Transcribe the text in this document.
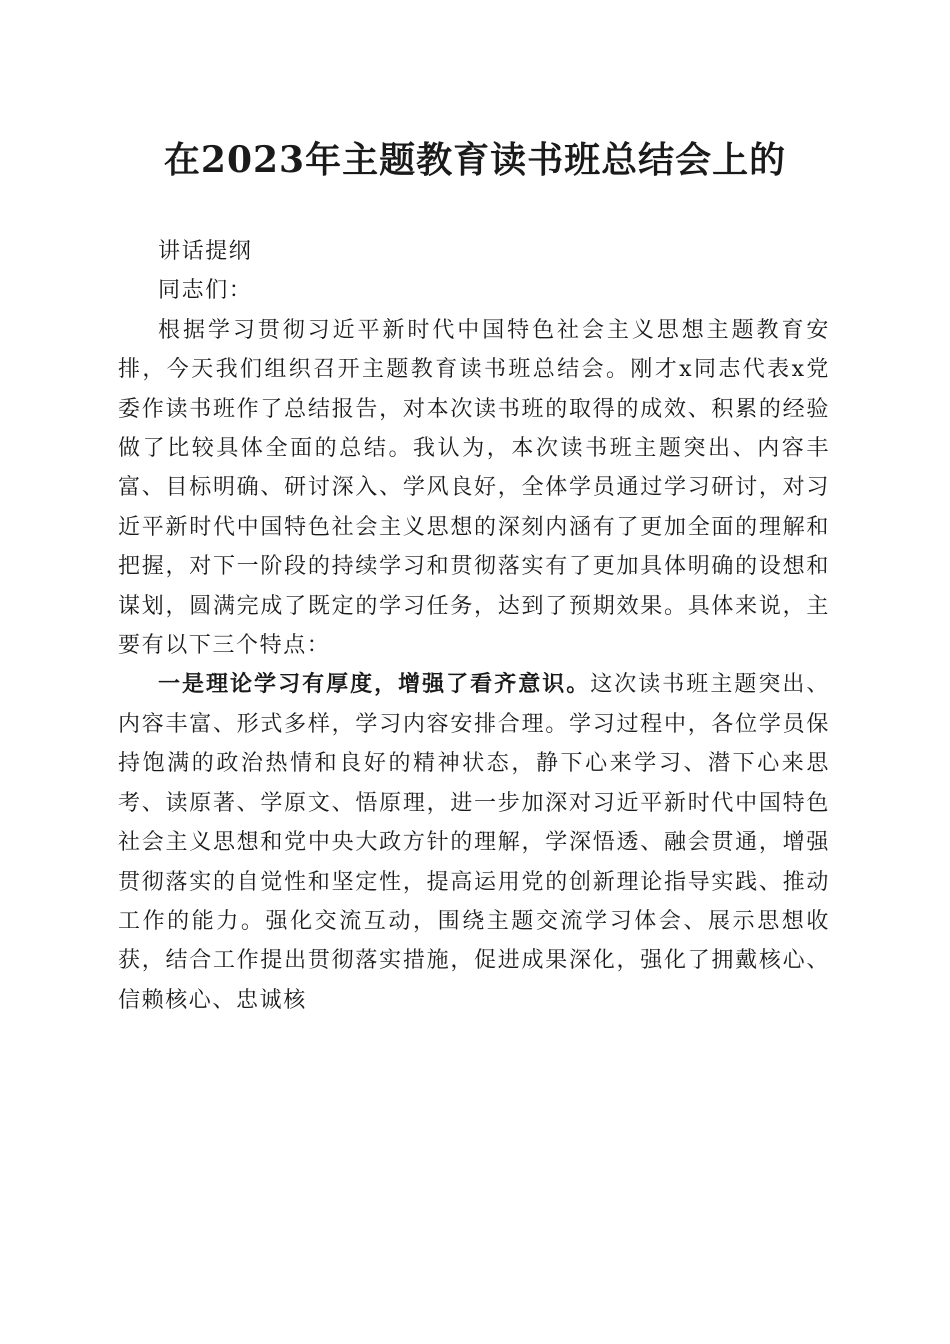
在2023年主题教育读书班总结会上的

讲话提纲

同志们：

根据学习贯彻习近平新时代中国特色社会主义思想主题教育安排，今天我们组织召开主题教育读书班总结会。刚才x同志代表x党委作读书班作了总结报告，对本次读书班的取得的成效、积累的经验做了比较具体全面的总结。我认为，本次读书班主题突出、内容丰富、目标明确、研讨深入、学风良好，全体学员通过学习研讨，对习近平新时代中国特色社会主义思想的深刻内涵有了更加全面的理解和把握，对下一阶段的持续学习和贯彻落实有了更加具体明确的设想和谋划，圆满完成了既定的学习任务，达到了预期效果。具体来说，主要有以下三个特点：

一是理论学习有厚度，增强了看齐意识。这次读书班主题突出、内容丰富、形式多样，学习内容安排合理。学习过程中，各位学员保持饱满的政治热情和良好的精神状态，静下心来学习、潜下心来思考、读原著、学原文、悟原理，进一步加深对习近平新时代中国特色社会主义思想和党中央大政方针的理解，学深悟透、融会贯通，增强贯彻落实的自觉性和坚定性，提高运用党的创新理论指导实践、推动工作的能力。强化交流互动，围绕主题交流学习体会、展示思想收获，结合工作提出贯彻落实措施，促进成果深化，强化了拥戴核心、信赖核心、忠诚核
